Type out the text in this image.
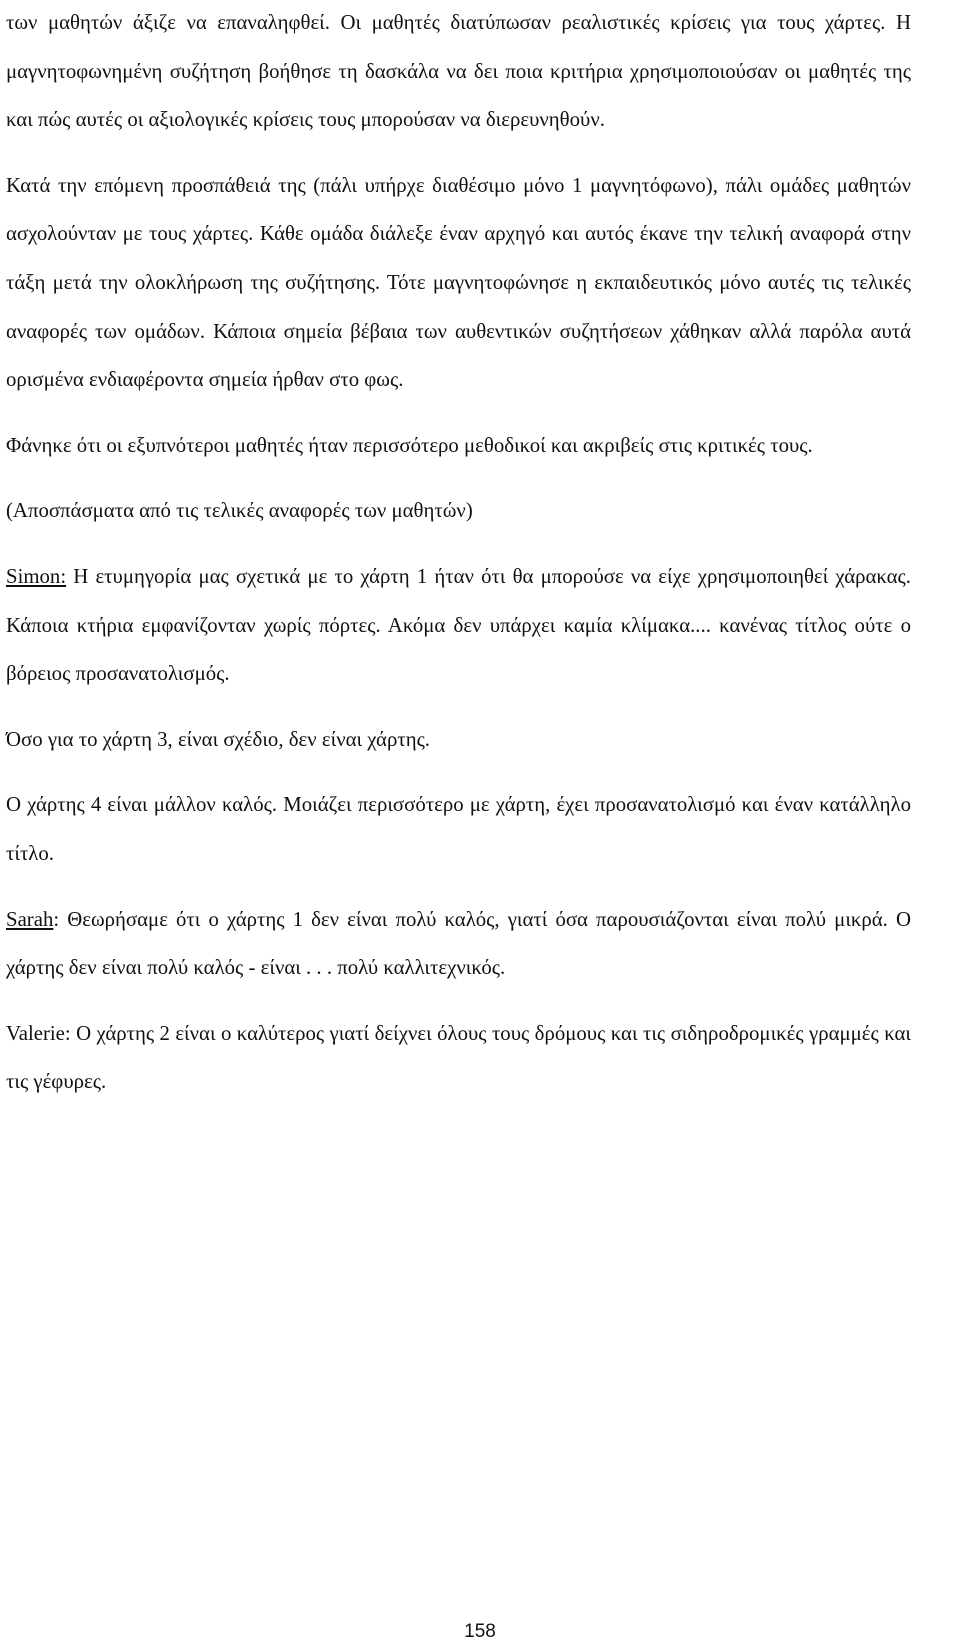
των μαθητών άξιζε να επαναληφθεί. Οι μαθητές διατύπωσαν ρεαλιστικές κρίσεις για τους χάρτες. Η μαγνητοφωνημένη συζήτηση βοήθησε τη δασκάλα να δει ποια κριτήρια χρησιμοποιούσαν οι μαθητές της και πώς αυτές οι αξιολογικές κρίσεις τους μπορούσαν να διερευνηθούν.

Κατά την επόμενη προσπάθειά της (πάλι υπήρχε διαθέσιμο μόνο 1 μαγνητόφωνο), πάλι ομάδες μαθητών ασχολούνταν με τους χάρτες. Κάθε ομάδα διάλεξε έναν αρχηγό και αυτός έκανε την τελική αναφορά στην τάξη μετά την ολοκλήρωση της συζήτησης. Τότε μαγνητοφώνησε η εκπαιδευτικός μόνο αυτές τις τελικές αναφορές των ομάδων. Κάποια σημεία βέβαια των αυθεντικών συζητήσεων χάθηκαν αλλά παρόλα αυτά ορισμένα ενδιαφέροντα σημεία ήρθαν στο φως.

Φάνηκε ότι οι εξυπνότεροι μαθητές ήταν περισσότερο μεθοδικοί και ακριβείς στις κριτικές τους.

(Αποσπάσματα από τις τελικές αναφορές των μαθητών)

Simon: Η ετυμηγορία μας σχετικά με το χάρτη 1 ήταν ότι θα μπορούσε να είχε χρησιμοποιηθεί χάρακας. Κάποια κτήρια εμφανίζονταν χωρίς πόρτες. Ακόμα δεν υπάρχει καμία κλίμακα.... κανένας τίτλος ούτε ο βόρειος προσανατολισμός.

Όσο για το χάρτη 3, είναι σχέδιο, δεν είναι χάρτης.

Ο χάρτης 4 είναι μάλλον καλός. Μοιάζει περισσότερο με χάρτη, έχει προσανατολισμό και έναν κατάλληλο τίτλο.

Sarah: Θεωρήσαμε ότι ο χάρτης 1 δεν είναι πολύ καλός, γιατί όσα παρουσιάζονται είναι πολύ μικρά. Ο χάρτης δεν είναι πολύ καλός - είναι . . . πολύ καλλιτεχνικός.

Valerie: Ο χάρτης 2 είναι ο καλύτερος γιατί δείχνει όλους τους δρόμους και τις σιδηροδρομικές γραμμές και τις γέφυρες.

158
